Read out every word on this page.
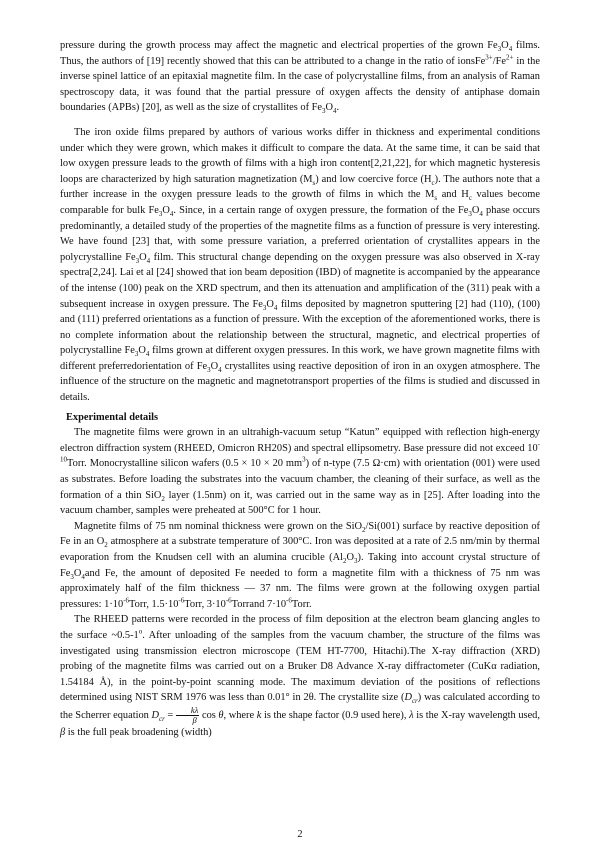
pressure during the growth process may affect the magnetic and electrical properties of the grown $Fe_3O_4$ films. Thus, the authors of [19] recently showed that this can be attributed to a change in the ratio of $ionsFe^{3+}/Fe^{2+}$ in the inverse spinel lattice of an epitaxial magnetite film. In the case of polycrystalline films, from an analysis of Raman spectroscopy data, it was found that the partial pressure of oxygen affects the density of antiphase domain boundaries (APBs) [20], as well as the size of crystallites of $Fe_3O_4$.

The iron oxide films prepared by authors of various works differ in thickness and experimental conditions under which they were grown, which makes it difficult to compare the data. At the same time, it can be said that low oxygen pressure leads to the growth of films with a high iron content[2,21,22], for which magnetic hysteresis loops are characterized by high saturation magnetization $(M_s)$ and low coercive force $(H_c)$. The authors note that a further increase in the oxygen pressure leads to the growth of films in which the $M_s$ and $H_c$ values become comparable for bulk $Fe_3O_4$. Since, in a certain range of oxygen pressure, the formation of the $Fe_3O_4$ phase occurs predominantly, a detailed study of the properties of the magnetite films as a function of pressure is very interesting. We have found [23] that, with some pressure variation, a preferred orientation of crystallites appears in the polycrystalline $Fe_3O_4$ film. This structural change depending on the oxygen pressure was also observed in X-ray spectra[2,24]. Lai et al [24] showed that ion beam deposition (IBD) of magnetite is accompanied by the appearance of the intense (100) peak on the XRD spectrum, and then its attenuation and amplification of the (311) peak with a subsequent increase in oxygen pressure. The $Fe_3O_4$ films deposited by magnetron sputtering [2] had (110), (100) and (111) preferred orientations as a function of pressure. With the exception of the aforementioned works, there is no complete information about the relationship between the structural, magnetic, and electrical properties of polycrystalline $Fe_3O_4$ films grown at different oxygen pressures. In this work, we have grown magnetite films with different preferredorientation of $Fe_3O_4$ crystallites using reactive deposition of iron in an oxygen atmosphere. The influence of the structure on the magnetic and magnetotransport properties of the films is studied and discussed in details.

Experimental details

The magnetite films were grown in an ultrahigh-vacuum setup “Katun” equipped with reflection high-energy electron diffraction system (RHEED, Omicron RH20S) and spectral ellipsometry. Base pressure did not exceed $10^{-10}Torr$. Monocrystalline silicon wafers (0.5 × 10 × 20 $mm^3$) of n-type (7.5 Ω·cm) with orientation (001) were used as substrates. Before loading the substrates into the vacuum chamber, the cleaning of their surface, as well as the formation of a thin SiO$_2$ layer (1.5nm) on it, was carried out in the same way as in [25]. After loading into the vacuum chamber, samples were preheated at 500°C for 1 hour.

Magnetite films of 75 nm nominal thickness were grown on the SiO$_2$/Si(001) surface by reactive deposition of Fe in an $O_2$ atmosphere at a substrate temperature of 300°C. Iron was deposited at a rate of 2.5 nm/min by thermal evaporation from the Knudsen cell with an alumina crucible $(Al_2O_3)$. Taking into account crystal structure of $Fe_3O_4and$ Fe, the amount of deposited Fe needed to form a magnetite film with a thickness of 75 nm was approximately half of the film thickness — 37 nm. The films were grown at the following oxygen partial pressures: $1\cdot 10^{-6}Torr$, $1.5\cdot 10^{-6}Torr$, $3\cdot 10^{-6}Torrand$ $7\cdot 10^{-6}Torr$.

The RHEED patterns were recorded in the process of film deposition at the electron beam glancing angles to the surface ~0.5-1$^o$. After unloading of the samples from the vacuum chamber, the structure of the films was investigated using transmission electron microscope (TEM HT-7700, Hitachi).The X-ray diffraction (XRD) probing of the magnetite films was carried out on a Bruker D8 Advance X-ray diffractometer (CuKα radiation, 1.54184 Å), in the point-by-point scanning mode. The maximum deviation of the positions of reflections determined using NIST SRM 1976 was less than 0.01° in 2θ. The crystallite size $(D_{cr})$ was calculated according to the Scherrer equation $D_{cr} = \frac{k\lambda}{\beta}$ cos θ, where k is the shape factor (0.9 used here), λ is the X-ray wavelength used, β is the full peak broadening (width)

2
